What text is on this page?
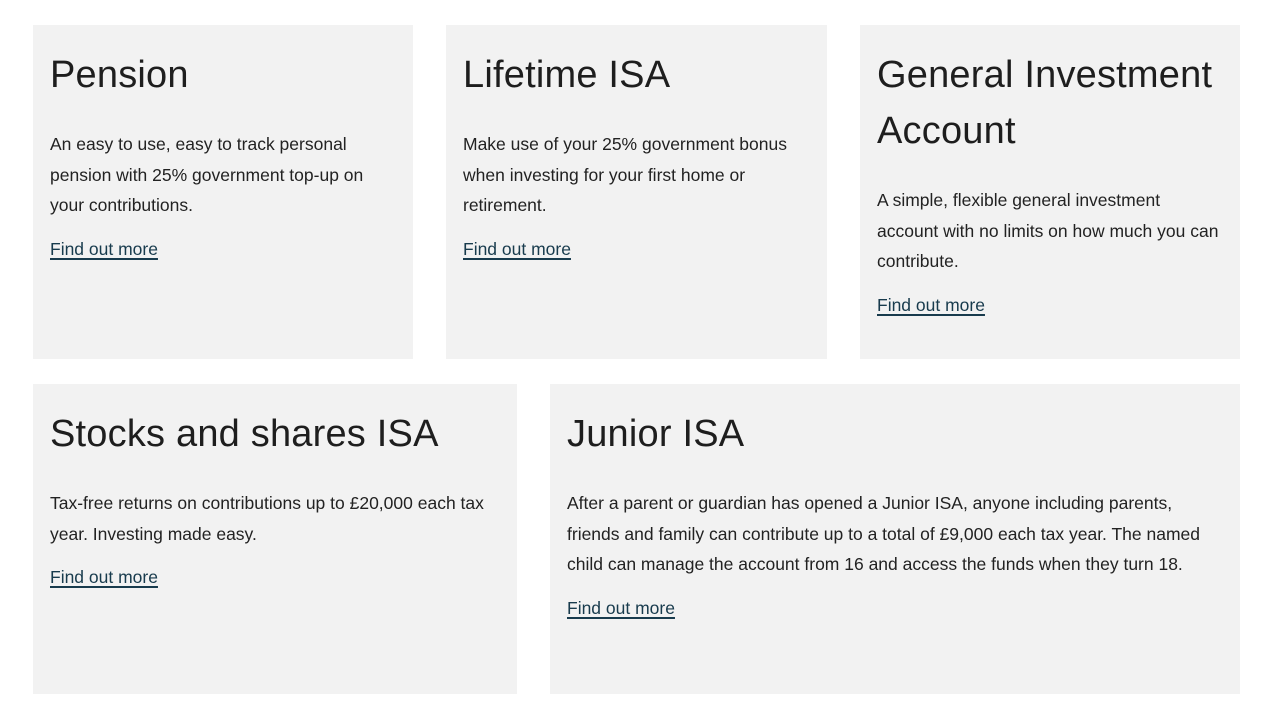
Pension

An easy to use, easy to track personal pension with 25% government top-up on your contributions.

Find out more
Lifetime ISA

Make use of your 25% government bonus when investing for your first home or retirement.

Find out more
General Investment Account

A simple, flexible general investment account with no limits on how much you can contribute.

Find out more
Stocks and shares ISA

Tax-free returns on contributions up to £20,000 each tax year. Investing made easy.

Find out more
Junior ISA

After a parent or guardian has opened a Junior ISA, anyone including parents, friends and family can contribute up to a total of £9,000 each tax year. The named child can manage the account from 16 and access the funds when they turn 18.

Find out more
